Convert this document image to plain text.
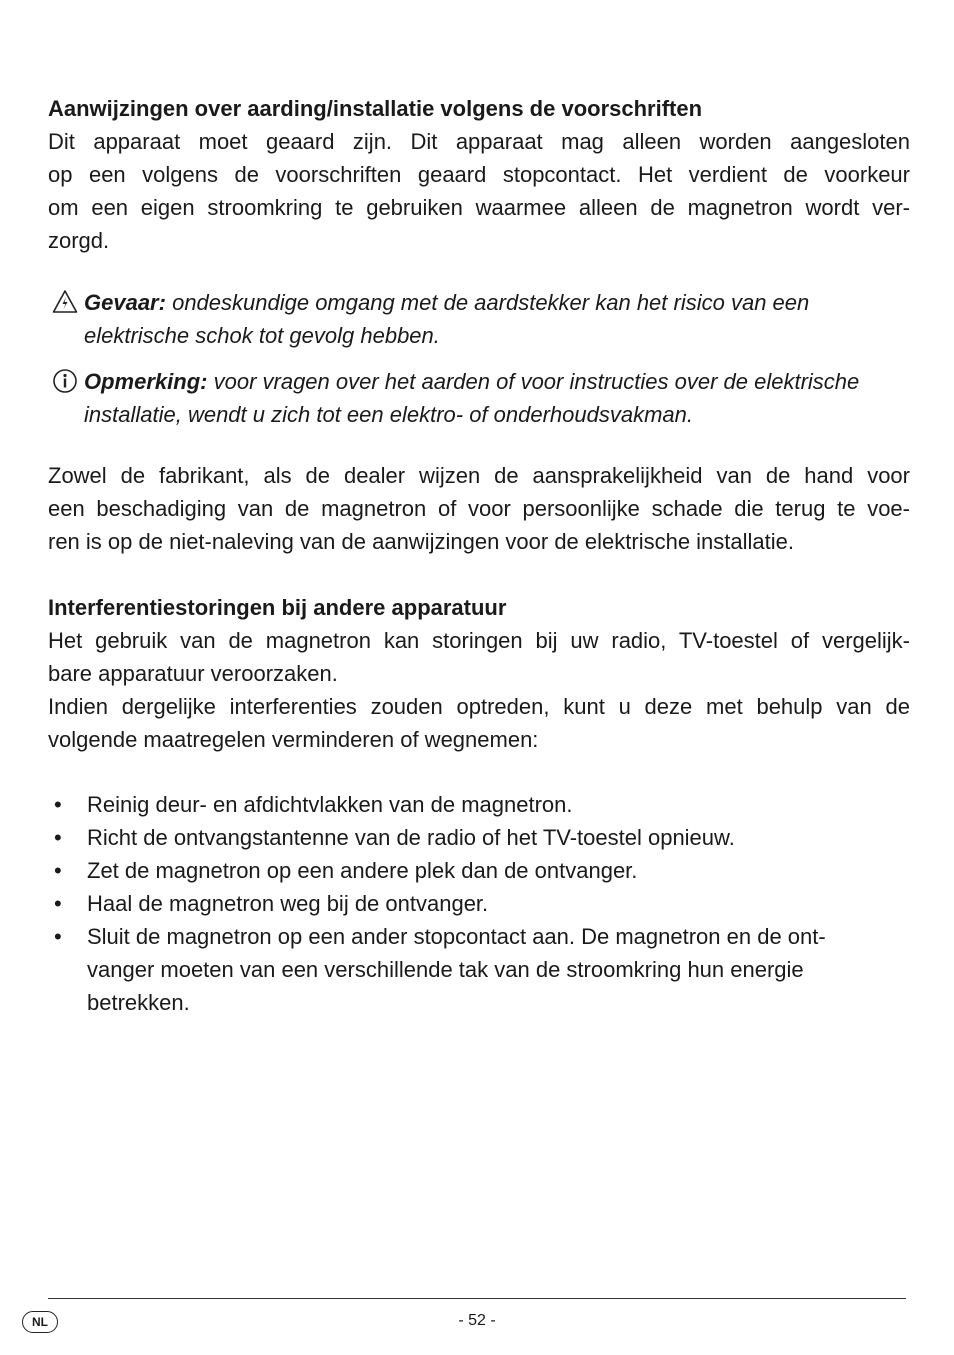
Aanwijzingen over aarding/installatie volgens de voorschriften
Dit apparaat moet geaard zijn. Dit apparaat mag alleen worden aangesloten
op een volgens de voorschriften geaard stopcontact. Het verdient de voorkeur
om een eigen stroomkring te gebruiken waarmee alleen de magnetron wordt ver-
zorgd.
Gevaar: ondeskundige omgang met de aardstekker kan het risico van een
elektrische schok tot gevolg hebben.
Opmerking: voor vragen over het aarden of voor instructies over de elektrische
installatie, wendt u zich tot een elektro- of onderhoudsvakman.
Zowel de fabrikant, als de dealer wijzen de aansprakelijkheid van de hand voor
een beschadiging van de magnetron of voor persoonlijke schade die terug te voe-
ren is op de niet-naleving van de aanwijzingen voor de elektrische installatie.
Interferentiestoringen bij andere apparatuur
Het gebruik van de magnetron kan storingen bij uw radio, TV-toestel of vergelijk-
bare apparatuur veroorzaken.
Indien dergelijke interferenties zouden optreden, kunt u deze met behulp van de
volgende maatregelen verminderen of wegnemen:
• Reinig deur- en afdichtvlakken van de magnetron.
• Richt de ontvangstantenne van de radio of het TV-toestel opnieuw.
• Zet de magnetron op een andere plek dan de ontvanger.
• Haal de magnetron weg bij de ontvanger.
• Sluit de magnetron op een ander stopcontact aan. De magnetron en de ont-
vanger moeten van een verschillende tak van de stroomkring hun energie
betrekken.
NL	- 52 -
